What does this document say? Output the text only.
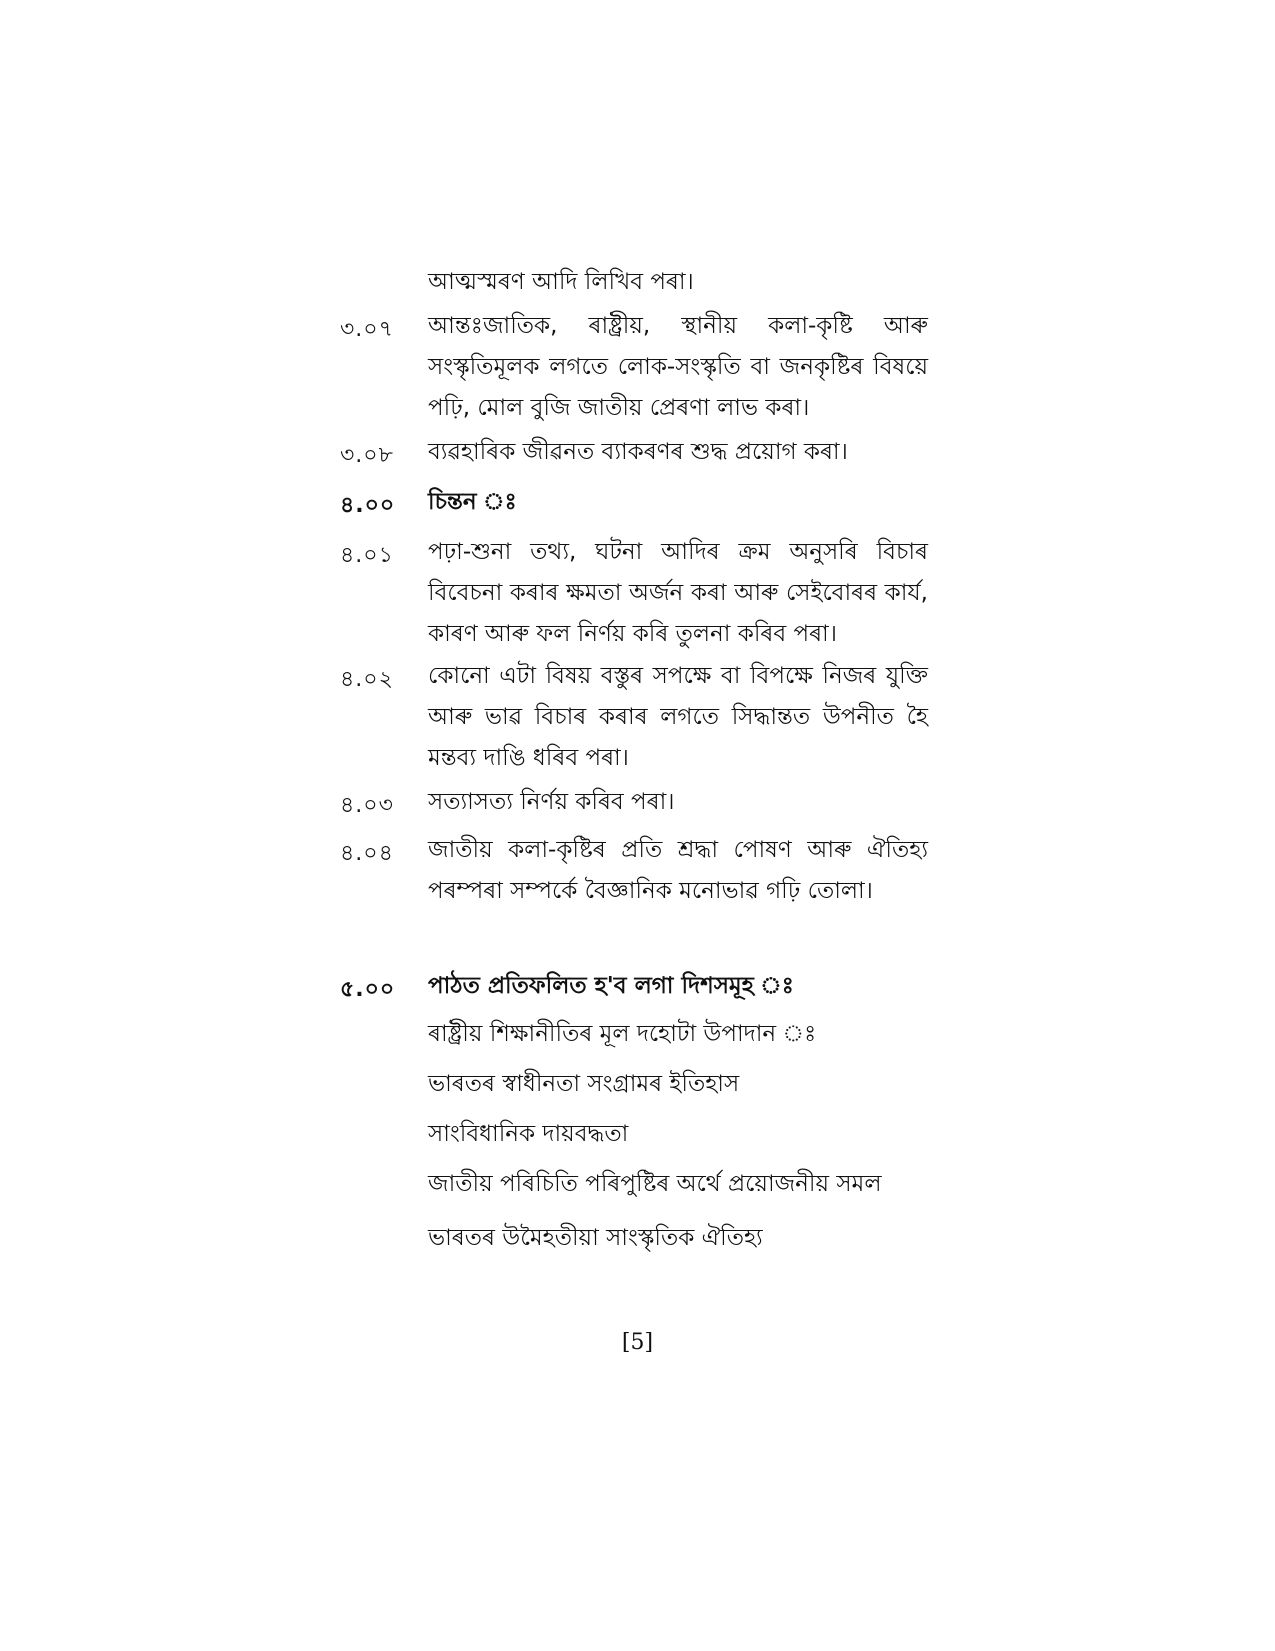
আত্মস্মৰণ আদি লিখিব পৰা।
৩.০৭	আন্তঃজাতিক, ৰাষ্ট্ৰীয়, স্থানীয় কলা-কৃষ্টি আৰু সংস্কৃতিমূলক লগতে লোক-সংস্কৃতি বা জনকৃষ্টিৰ বিষয়ে পঢ়ি, মোল বুজি জাতীয় প্ৰেৰণা লাভ কৰা।
৩.০৮	ব্যৱহাৰিক জীৱনত ব্যাকৰণৰ শুদ্ধ প্ৰয়োগ কৰা।
৪.০০	চিন্তন ঃ
৪.০১	পঢ়া-শুনা তথ্য, ঘটনা আদিৰ ক্ৰম অনুসৰি বিচাৰ বিবেচনা কৰাৰ ক্ষমতা অৰ্জন কৰা আৰু সেইবোৰৰ কাৰ্য, কাৰণ আৰু ফল নিৰ্ণয় কৰি তুলনা কৰিব পৰা।
৪.০২	কোনো এটা বিষয় বস্তুৰ সপক্ষে বা বিপক্ষে নিজৰ যুক্তি আৰু ভাৱ বিচাৰ কৰাৰ লগতে সিদ্ধান্তত উপনীত হৈ মন্তব্য দাঙি ধৰিব পৰা।
৪.০৩	সত্যাসত্য নিৰ্ণয় কৰিব পৰা।
৪.০৪	জাতীয় কলা-কৃষ্টিৰ প্ৰতি শ্ৰদ্ধা পোষণ আৰু ঐতিহ্য পৰম্পৰা সম্পৰ্কে বৈজ্ঞানিক মনোভাৱ গঢ়ি তোলা।
৫.০০	পাঠত প্ৰতিফলিত হ'ব লগা দিশসমূহ ঃ
ৰাষ্ট্ৰীয় শিক্ষানীতিৰ মূল দহোটা উপাদান ঃ
ভাৰতৰ স্বাধীনতা সংগ্ৰামৰ ইতিহাস
সাংবিধানিক দায়বদ্ধতা
জাতীয় পৰিচিতি পৰিপুষ্টিৰ অৰ্থে প্ৰয়োজনীয় সমল
ভাৰতৰ উমৈহতীয়া সাংস্কৃতিক ঐতিহ্য
[5]
